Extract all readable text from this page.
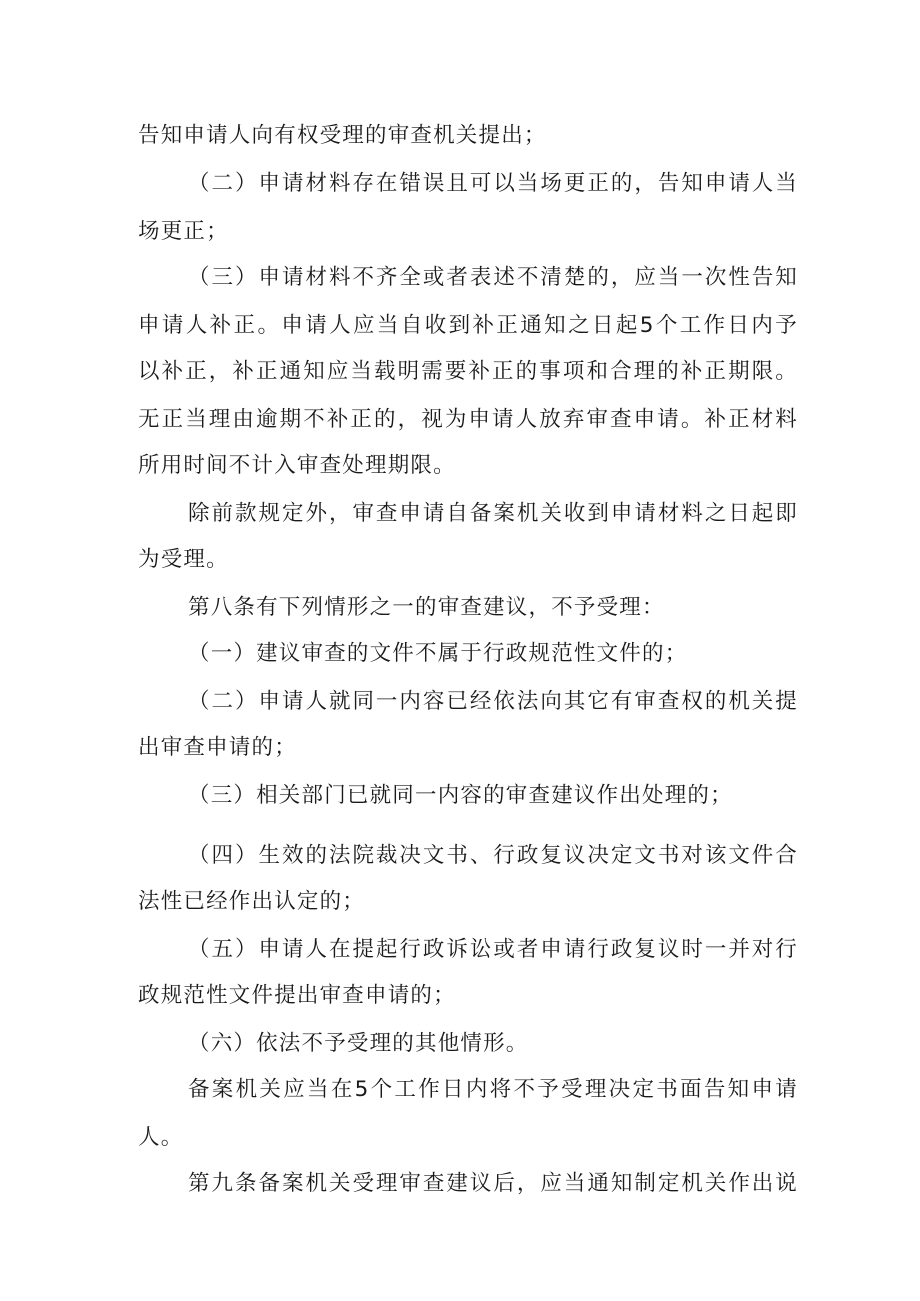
告知申请人向有权受理的审查机关提出；
（二）申请材料存在错误且可以当场更正的，告知申请人当
场更正；
（三）申请材料不齐全或者表述不清楚的，应当一次性告知
申请人补正。申请人应当自收到补正通知之日起5个工作日内予
以补正，补正通知应当载明需要补正的事项和合理的补正期限。
无正当理由逾期不补正的，视为申请人放弃审查申请。补正材料
所用时间不计入审查处理期限。
除前款规定外，审查申请自备案机关收到申请材料之日起即
为受理。
第八条有下列情形之一的审查建议，不予受理：
（一）建议审查的文件不属于行政规范性文件的；
（二）申请人就同一内容已经依法向其它有审查权的机关提
出审查申请的；
（三）相关部门已就同一内容的审查建议作出处理的；
（四）生效的法院裁决文书、行政复议决定文书对该文件合
法性已经作出认定的；
（五）申请人在提起行政诉讼或者申请行政复议时一并对行
政规范性文件提出审查申请的；
（六）依法不予受理的其他情形。
备案机关应当在5个工作日内将不予受理决定书面告知申请
人。
第九条备案机关受理审查建议后，应当通知制定机关作出说
